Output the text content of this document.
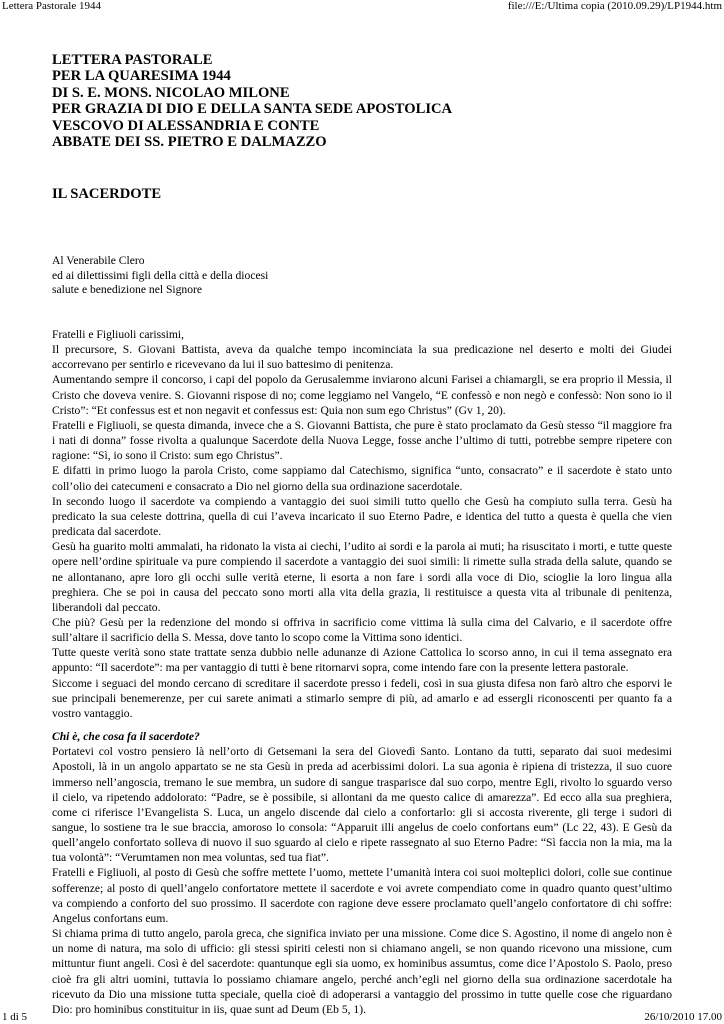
Lettera Pastorale 1944	file:///E:/Ultima copia (2010.09.29)/LP1944.htm
LETTERA PASTORALE
PER LA QUARESIMA 1944
DI S. E. MONS. NICOLAO MILONE
PER GRAZIA DI DIO E DELLA SANTA SEDE APOSTOLICA
VESCOVO DI ALESSANDRIA E CONTE
ABBATE DEI SS. PIETRO E DALMAZZO
IL SACERDOTE
Al Venerabile Clero
ed ai dilettissimi figli della città e della diocesi
salute e benedizione nel Signore

Fratelli e Figliuoli carissimi,

Il precursore, S. Giovani Battista, aveva da qualche tempo incominciata la sua predicazione nel deserto e molti dei Giudei accorrevano per sentirlo e ricevevano da lui il suo battesimo di penitenza.

Aumentando sempre il concorso, i capi del popolo da Gerusalemme inviarono alcuni Farisei a chiamargli, se era proprio il Messia, il Cristo che doveva venire. S. Giovanni rispose di no; come leggiamo nel Vangelo, “E confessò e non negò e confessò: Non sono io il Cristo”: “Et confessus est et non negavit et confessus est: Quia non sum ego Christus” (Gv 1, 20).

Fratelli e Figliuoli, se questa dimanda, invece che a S. Giovanni Battista, che pure è stato proclamato da Gesù stesso “il maggiore fra i nati di donna” fosse rivolta a qualunque Sacerdote della Nuova Legge, fosse anche l’ultimo di tutti, potrebbe sempre ripetere con ragione: “Sì, io sono il Cristo: sum ego Christus”.

E difatti in primo luogo la parola Cristo, come sappiamo dal Catechismo, significa “unto, consacrato” e il sacerdote è stato unto coll’olio dei catecumeni e consacrato a Dio nel giorno della sua ordinazione sacerdotale.

In secondo luogo il sacerdote va compiendo a vantaggio dei suoi simili tutto quello che Gesù ha compiuto sulla terra. Gesù ha predicato la sua celeste dottrina, quella di cui l’aveva incaricato il suo Eterno Padre, e identica del tutto a questa è quella che vien predicata dal sacerdote.

Gesù ha guarito molti ammalati, ha ridonato la vista ai ciechi, l’udito ai sordi e la parola ai muti; ha risuscitato i morti, e tutte queste opere nell’ordine spirituale va pure compiendo il sacerdote a vantaggio dei suoi simili: li rimette sulla strada della salute, quando se ne allontanano, apre loro gli occhi sulle verità eterne, li esorta a non fare i sordi alla voce di Dio, scioglie la loro lingua alla preghiera. Che se poi in causa del peccato sono morti alla vita della grazia, li restituisce a questa vita al tribunale di penitenza, liberandoli dal peccato.

Che più? Gesù per la redenzione del mondo si offriva in sacrificio come vittima là sulla cima del Calvario, e il sacerdote offre sull’altare il sacrificio della S. Messa, dove tanto lo scopo come la Vittima sono identici.

Tutte queste verità sono state trattate senza dubbio nelle adunanze di Azione Cattolica lo scorso anno, in cui il tema assegnato era appunto: “Il sacerdote”: ma per vantaggio di tutti è bene ritornarvi sopra, come intendo fare con la presente lettera pastorale.

Siccome i seguaci del mondo cercano di screditare il sacerdote presso i fedeli, così in sua giusta difesa non farò altro che esporvi le sue principali benemerenze, per cui sarete animati a stimarlo sempre di più, ad amarlo e ad essergli riconoscenti per quanto fa a vostro vantaggio.

Chi è, che cosa fa il sacerdote?

Portatevi col vostro pensiero là nell’orto di Getsemani la sera del Giovedì Santo. Lontano da tutti, separato dai suoi medesimi Apostoli, là in un angolo appartato se ne sta Gesù in preda ad acerbissimi dolori. La sua agonia è ripiena di tristezza, il suo cuore immerso nell’angoscia, tremano le sue membra, un sudore di sangue trasparisce dal suo corpo, mentre Egli, rivolto lo sguardo verso il cielo, va ripetendo addolorato: “Padre, se è possibile, si allontani da me questo calice di amarezza”. Ed ecco alla sua preghiera, come ci riferisce l’Evangelista S. Luca, un angelo discende dal cielo a confortarlo: gli si accosta riverente, gli terge i sudori di sangue, lo sostiene tra le sue braccia, amoroso lo consola: “Apparuit illi angelus de coelo confortans eum” (Lc 22, 43). E Gesù da quell’angelo confortato solleva di nuovo il suo sguardo al cielo e ripete rassegnato al suo Eterno Padre: “Sì faccia non la mia, ma la tua volontà”: “Verumtamen non mea voluntas, sed tua fiat”.

Fratelli e Figliuoli, al posto di Gesù che soffre mettete l’uomo, mettete l’umanità intera coi suoi molteplici dolori, colle sue continue sofferenze; al posto di quell’angelo confortatore mettete il sacerdote e voi avrete compendiato come in quadro quanto quest’ultimo va compiendo a conforto del suo prossimo. Il sacerdote con ragione deve essere proclamato quell’angelo confortatore di chi soffre: Angelus confortans eum.

Si chiama prima di tutto angelo, parola greca, che significa inviato per una missione. Come dice S. Agostino, il nome di angelo non è un nome di natura, ma solo di ufficio: gli stessi spiriti celesti non si chiamano angeli, se non quando ricevono una missione, cum mittuntur fiunt angeli. Così è del sacerdote: quantunque egli sia uomo, ex hominibus assumtus, come dice l’Apostolo S. Paolo, preso cioè fra gli altri uomini, tuttavia lo possiamo chiamare angelo, perché anch’egli nel giorno della sua ordinazione sacerdotale ha ricevuto da Dio una missione tutta speciale, quella cioè di adoperarsi a vantaggio del prossimo in tutte quelle cose che riguardano Dio: pro hominibus constituitur in iis, quae sunt ad Deum (Eb 5, 1).

1 di 5	26/10/2010 17.00
